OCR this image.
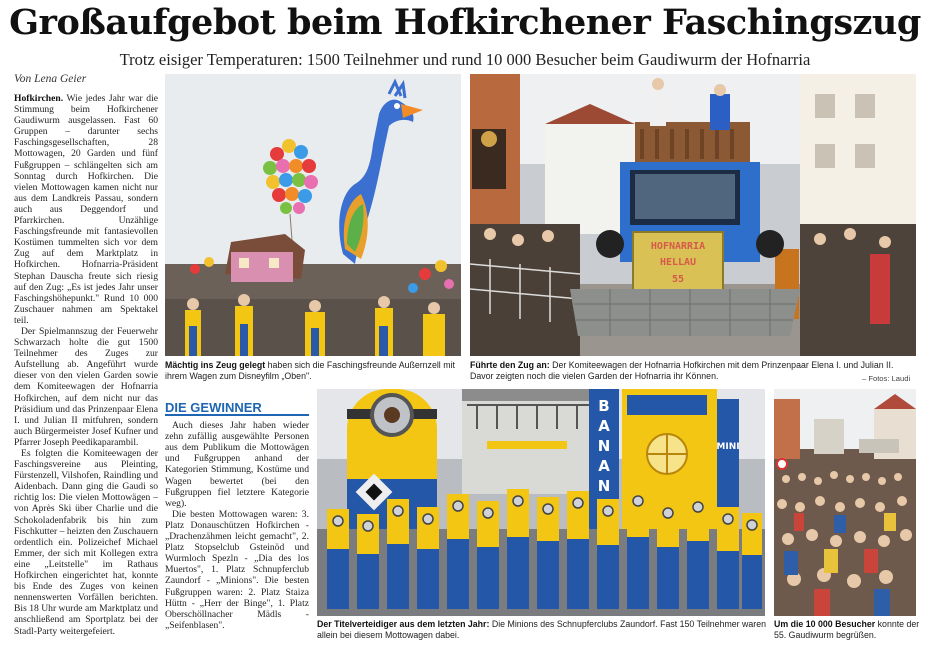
Großaufgebot beim Hofkirchener Faschingszug
Trotz eisiger Temperaturen: 1500 Teilnehmer und rund 10 000 Besucher beim Gaudiwurm der Hofnarria
Von Lena Geier

Hofkirchen. Wie jedes Jahr war die Stimmung beim Hofkirchener Gaudiwurm ausgelassen. Fast 60 Gruppen – darunter sechs Faschingsgesellschaften, 28 Mottowagen, 20 Garden und fünf Fußgruppen – schlängelten sich am Sonntag durch Hofkirchen. Die vielen Mottowagen kamen nicht nur aus dem Landkreis Passau, sondern auch aus Deggendorf und Pfarrkirchen. Unzählige Faschingsfreunde mit fantasievollen Kostümen tummelten sich vor dem Zug auf dem Marktplatz in Hofkirchen. Hofnarria-Präsident Stephan Dauscha freute sich riesig auf den Zug: „Es ist jedes Jahr unser Faschingshöhepunkt." Rund 10 000 Zuschauer nahmen am Spektakel teil.

Der Spielmannszug der Feuerwehr Schwarzach holte die gut 1500 Teilnehmer des Zuges zur Aufstellung ab. Angeführt wurde dieser von den vielen Garden sowie dem Komiteewagen der Hofnarria Hofkirchen, auf dem nicht nur das Präsidium und das Prinzenpaar Elena I. und Julian II mitfuhren, sondern auch Bürgermeister Josef Kufner und Pfarrer Joseph Peedikaparambil.

Es folgten die Komiteewagen der Faschingsvereine aus Pleinting, Fürstenzell, Vilshofen, Raindling und Aidenbach. Dann ging die Gaudi so richtig los: Die vielen Mottowägen – von Après Ski über Charlie und die Schokoladenfabrik bis hin zum Fischkutter – heizten den Zuschauern ordentlich ein. Polizeichef Michael Emmer, der sich mit Kollegen extra eine „Leitstelle" im Rathaus Hofkirchen eingerichtet hat, konnte bis Ende des Zuges von keinen nennenswerten Vorfällen berichten. Bis 18 Uhr wurde am Marktplatz und anschließend am Sportplatz bei der Stadl-Party weitergefeiert.

Mächtig ins Zeug gelegt haben sich die Faschingsfreunde Außernzell mit ihrem Wagen zum Disneyfilm „Oben".
HOFNARRIA
HELLAU
55
Führte den Zug an: Der Komiteewagen der Hofnarria Hofkirchen mit dem Prinzenpaar Elena I. und Julian II. Davor zeigten noch die vielen Garden der Hofnarria ihr Können.	– Fotos: Laudi
DIE GEWINNER

Auch dieses Jahr haben wieder zehn zufällig ausgewählte Personen aus dem Publikum die Mottowägen und Fußgruppen anhand der Kategorien Stimmung, Kostüme und Wagen bewertet (bei den Fußgruppen fiel letztere Kategorie weg).

Die besten Mottowagen waren: 3. Platz Donauschützen Hofkirchen - „Drachenzähmen leicht gemacht", 2. Platz Stopselclub Gsteinöd und Wurmloch Spezln - „Dia des los Muertos", 1. Platz Schnupferclub Zaundorf - „Minions". Die besten Fußgruppen waren: 2. Platz Staiza Hüttn - „Herr der Binge", 1. Platz Oberschöllnacher Mädls - „Seifenblasen".

B
A
N
A
N
MINI
Der Titelverteidiger aus dem letzten Jahr: Die Minions des Schnupferclubs Zaundorf. Fast 150 Teilnehmer waren allein bei diesem Mottowagen dabei.
Um die 10 000 Besucher konnte der 55. Gaudiwurm begrüßen.
